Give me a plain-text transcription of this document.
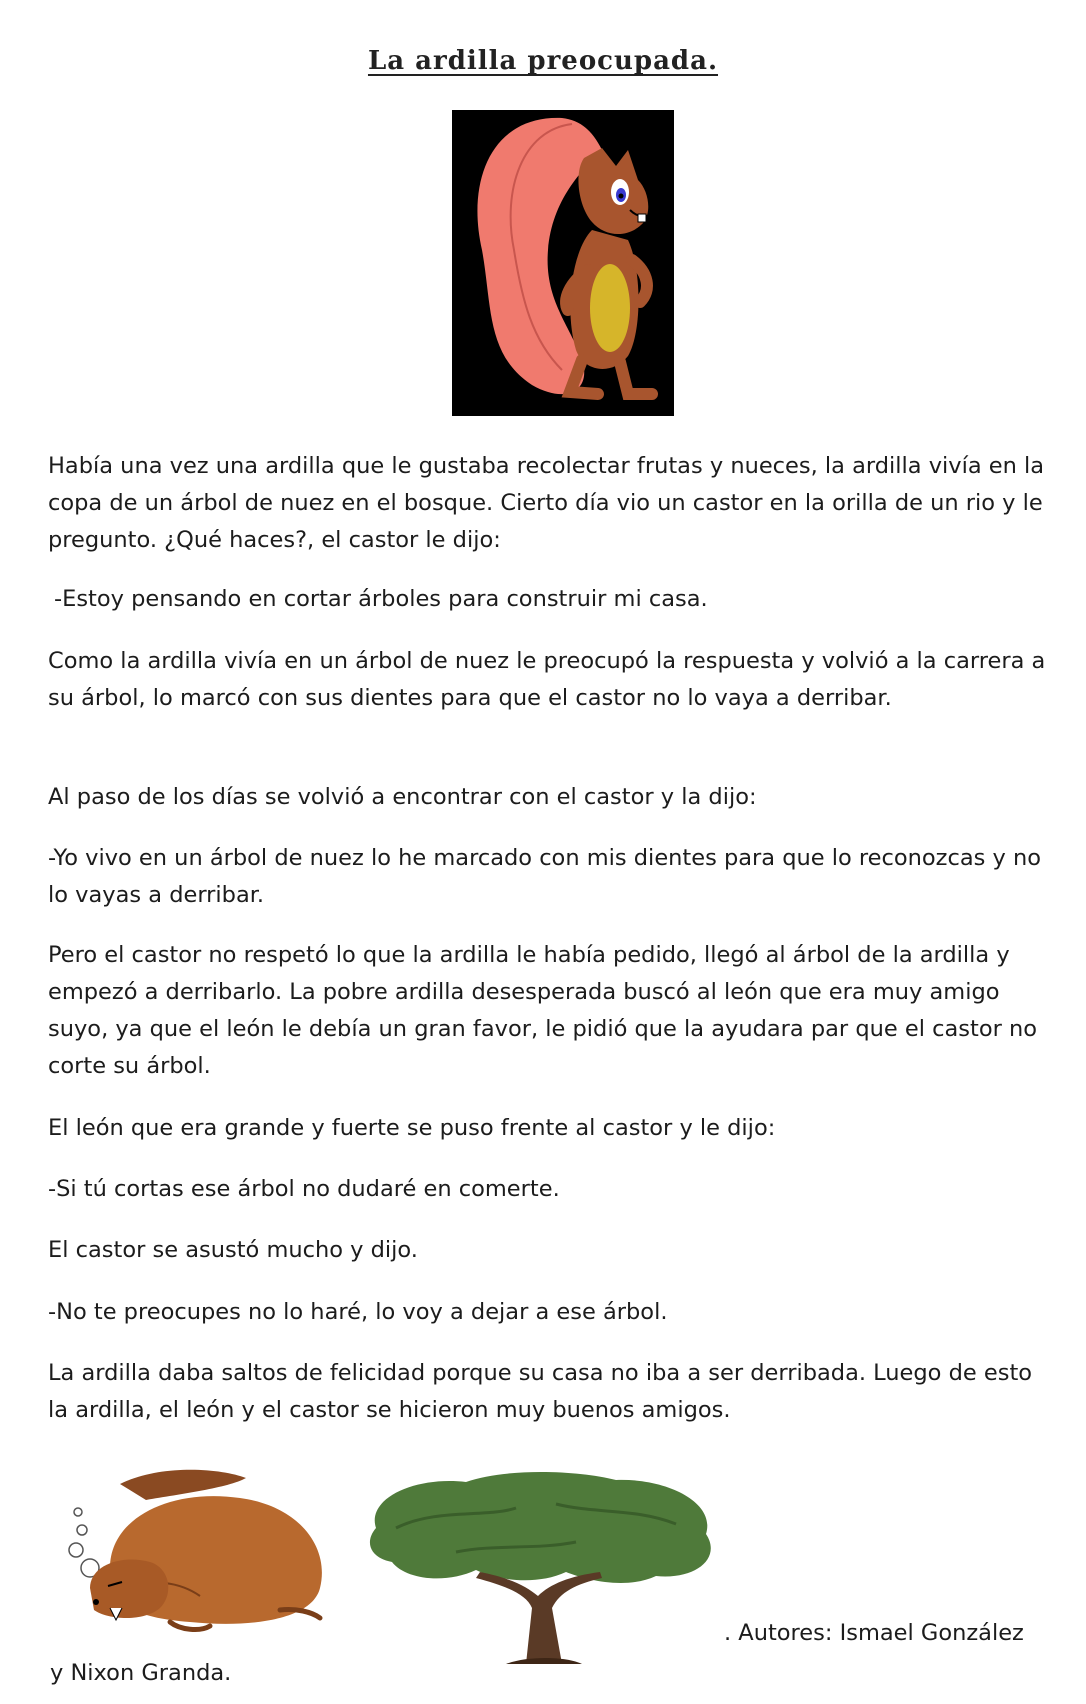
La ardilla preocupada.

Había una vez una ardilla que le gustaba recolectar frutas y nueces, la ardilla vivía en la copa de un árbol de nuez en el bosque. Cierto día vio un castor en la orilla de un rio y le pregunto. ¿Qué haces?, el castor le dijo:

-Estoy pensando en cortar árboles para construir mi casa.

Como la ardilla vivía en un árbol de nuez le preocupó la respuesta y volvió a la carrera a su árbol, lo marcó con sus dientes para que el castor no lo vaya a derribar.

Al paso de los días se volvió a encontrar con el castor y la dijo:

-Yo vivo en un árbol de nuez lo he marcado con mis dientes para que lo reconozcas y no lo vayas a derribar.

Pero el castor no respetó lo que la ardilla le había pedido, llegó al árbol de la ardilla y empezó a derribarlo. La pobre ardilla desesperada buscó al león que era muy amigo suyo, ya que el león le debía un gran favor, le pidió que la ayudara par que el castor no corte su árbol.

El león que era grande y fuerte se puso frente al castor y le dijo:

-Si tú cortas ese árbol no dudaré en comerte.

El castor se asustó mucho y dijo.

-No te preocupes no lo haré, lo voy a dejar a ese árbol.

La ardilla daba saltos de felicidad porque su casa no iba a ser derribada. Luego de esto la ardilla, el león y el castor se hicieron muy buenos amigos.

. Autores: Ismael González
y Nixon Granda.
